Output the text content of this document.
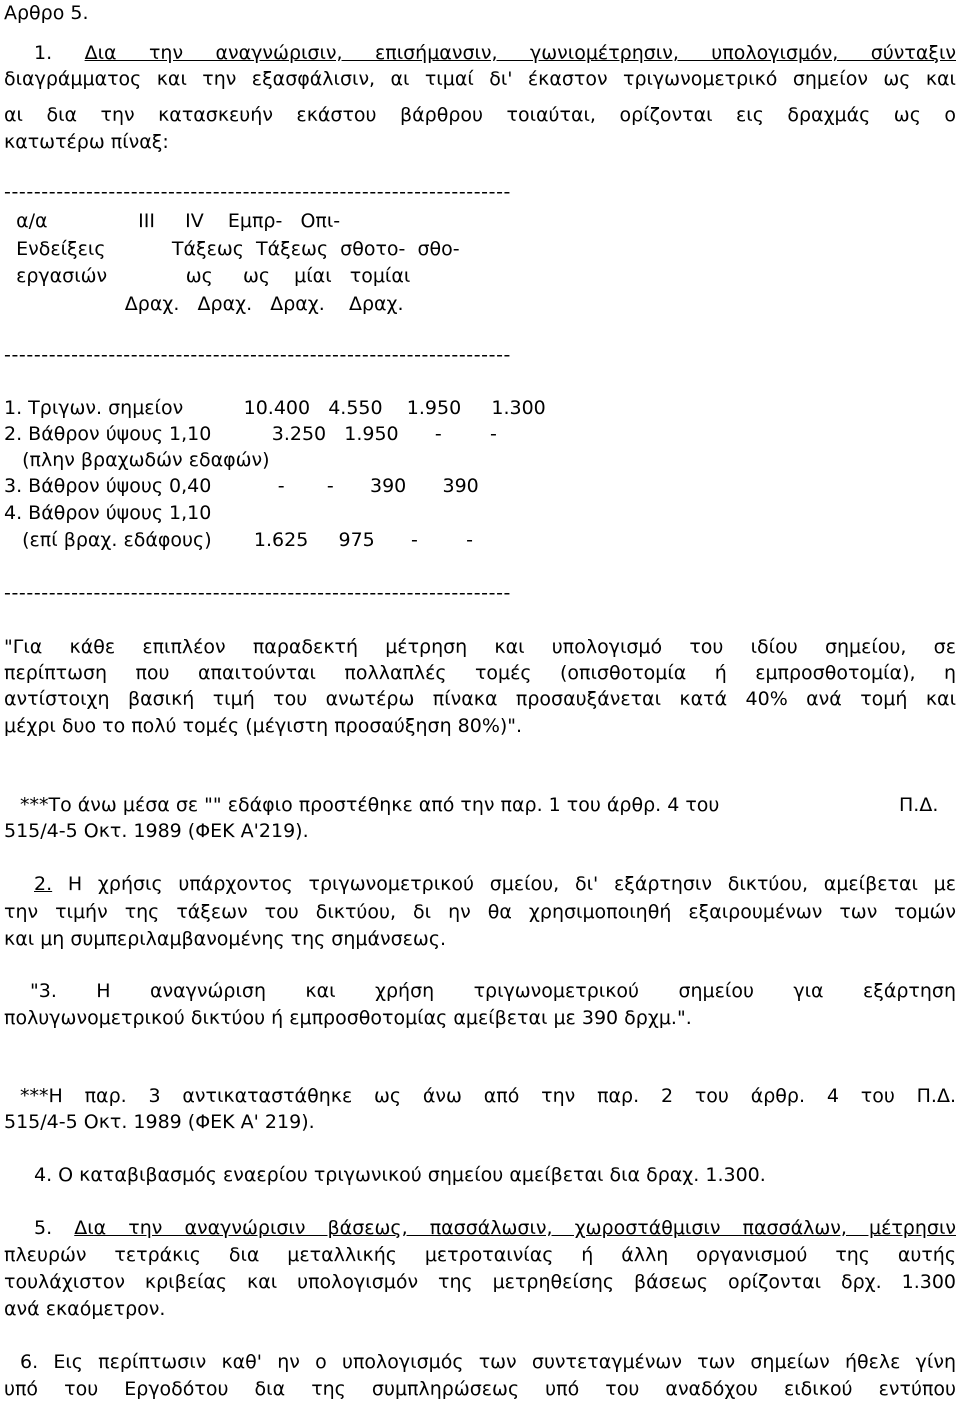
Αρθρο 5.
1. Δια την αναγνώρισιν, επισήμανσιν, γωνιομέτρησιν, υπολογισμόν, σύνταξιν
διαγράμματος και την εξασφάλισιν, αι τιμαί δι' έκαστον τριγωνομετρικό σημείον ως και
αι δια την κατασκευήν εκάστου βάρθρου τοιαύται, ορίζονται εις δραχμάς ως ο
κατωτέρω πίναξ:
--------------------------------------------------------------------
α/α               ΙΙΙ     ΙV    Εμπρ-   Οπι-
Ενδείξεις           Τάξεως  Τάξεως  σθοτο-  σθο-
εργασιών             ως     ως    μίαι   τομίαι
Δραχ.   Δραχ.   Δραχ.    Δραχ.
--------------------------------------------------------------------
1. Τριγων. σημείον          10.400   4.550    1.950     1.300
2. Βάθρον ύψους 1,10          3.250   1.950      -        -
(πλην βραχωδών εδαφών)
3. Βάθρον ύψους 0,40           -       -      390      390
4. Βάθρον ύψους 1,10
(επί βραχ. εδάφους)       1.625     975      -        -
--------------------------------------------------------------------
"Για κάθε επιπλέον παραδεκτή μέτρηση και υπολογισμό του ιδίου σημείου, σε
περίπτωση που απαιτούνται πολλαπλές τομές (οπισθοτομία ή εμπροσθοτομία), η
αντίστοιχη βασική τιμή του ανωτέρω πίνακα προσαυξάνεται κατά 40% ανά τομή και
μέχρι δυο το πολύ τομές (μέγιστη προσαύξηση 80%)".
***Το άνω μέσα σε "" εδάφιο προστέθηκε από την παρ. 1 του άρθρ. 4 του	Π.Δ.
515/4-5 Οκτ. 1989 (ΦΕΚ Α'219).
2. Η χρήσις υπάρχοντος τριγωνομετρικού σμείου, δι' εξάρτησιν δικτύου, αμείβεται με
την τιμήν της τάξεων του δικτύου, δι ην θα χρησιμοποιηθή εξαιρουμένων των τομών
και μη συμπεριλαμβανομένης της σημάνσεως.
"3. Η αναγνώριση και χρήση τριγωνομετρικού σημείου για εξάρτηση
πολυγωνομετρικού δικτύου ή εμπροσθοτομίας αμείβεται με 390 δρχμ.".
***Η παρ. 3 αντικαταστάθηκε ως άνω από την παρ. 2 του άρθρ. 4 του Π.Δ.
515/4-5 Οκτ. 1989 (ΦΕΚ Α' 219).
4. Ο καταβιβασμός εναερίου τριγωνικού σημείου αμείβεται δια δραχ. 1.300.
5. Δια την αναγνώρισιν βάσεως, πασσάλωσιν, χωροστάθμισιν πασσάλων, μέτρησιν
πλευρών τετράκις δια μεταλλικής μετροταινίας ή άλλη οργανισμού της αυτής
τουλάχιστον κριβείας και υπολογισμόν της μετρηθείσης βάσεως ορίζονται δρχ. 1.300
ανά εκαόμετρον.
6. Εις περίπτωσιν καθ' ην ο υπολογισμός των συντεταγμένων των σημείων ήθελε γίνη
υπό του Εργοδότου δια της συμπληρώσεως υπό του αναδόχου ειδικού εντύπου
